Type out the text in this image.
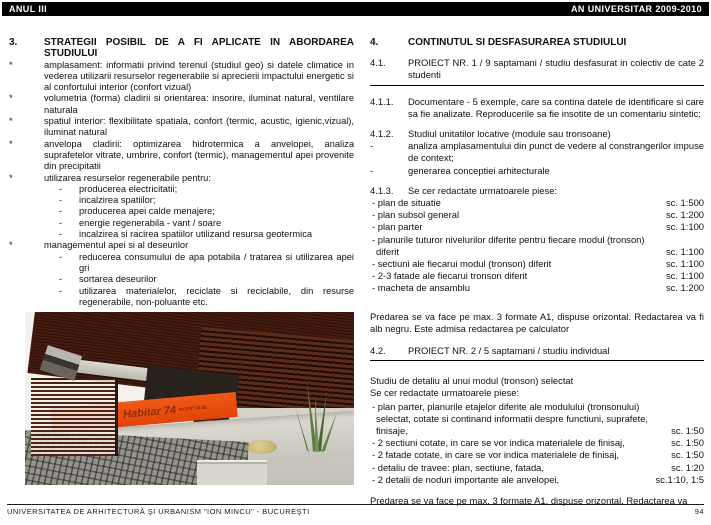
ANUL III	AN UNIVERSITAR 2009-2010
3.	STRATEGII POSIBIL DE A FI APLICATE IN ABORDAREA STUDIULUI
*	amplasament: informatii privind terenul (studiul geo) si datele climatice in vederea utilizarii resurselor regenerabile si aprecierii impactului energetic si al confortului interior (confort vizual)
*	volumetria (forma) cladirii si orientarea: insorire, iluminat natural, ventilare naturala
*	spatiul interior: flexibilitate spatiala, confort (termic, acustic, igienic,vizual), iluminat natural
*	anvelopa cladirii: optimizarea hidrotermica a anvelopei, analiza suprafetelor vitrate, umbrire, confort (termic), managementul apei provenite din precipitatii
*	utilizarea resurselor regenerabile pentru:
-	producerea electricitatii;
-	incalzirea spatiilor;
-	producerea apei calde menajere;
-	energie regenerabila - vant / soare
-	incalzirea si racirea spatiilor utilizand resursa geotermica
*	managementul apei si al deseurilor
-	reducerea consumului de apa potabila / tratarea si utilizarea apei gri
-	sortarea deseurilor
-	utilizarea materialelor, reciclate si reciclabile, din resurse regenerabile, non-poluante etc.
4.	CONTINUTUL SI DESFASURAREA STUDIULUI
4.1.	PROIECT NR. 1 / 9 saptamani / studiu desfasurat in colectiv de cate 2 studenti
4.1.1.	Documentare - 5 exemple, care sa contina datele de identificare si care sa fie analizate. Reproducerile sa fie insotite de un comentariu sintetic;
4.1.2.	Studiul unitatilor locative (module sau tronsoane)
-	analiza amplasamentului din punct de vedere al constrangerilor impuse de context;
-	generarea conceptiei arhitecturale
4.1.3.	Se cer redactate urmatoarele piese:
- plan de situatie	sc. 1:500
- plan subsol general	sc. 1:200
- plan parter	sc. 1:100
- planurile tuturor nivelurilor diferite pentru fiecare modul (tronson) diferit	sc. 1:100
- sectiuni ale fiecarui modul (tronson) diferit	sc. 1:100
- 2-3 fatade ale fiecarui tronson diferit	sc. 1:100
- macheta de ansamblu	sc. 1:200
Predarea se va face pe max. 3 formate A1, dispuse orizontal. Redactarea va fi alb negru. Este admisa redactarea pe calculator
4.2.	PROIECT NR. 2 / 5 saptamani / studiu individual
Studiu de detaliu al unui modul (tronson) selectat
Se cer redactate urmatoarele piese:
- plan parter, planurile etajelor diferite ale modulului (tronsonului) selectat, cotate si continand informatii despre functiuni, suprafete, finisaje,	sc. 1:50
- 2 sectiuni cotate, in care se vor indica materialele de finisaj,	sc. 1:50
- 2 fatade cotate, in care se vor indica materialele de finisaj,	sc. 1:50
- detaliu de travee: plan, sectiune, fatada,	sc. 1:20
- 2 detalii de noduri importante ale anvelopei,	sc.1:10, 1:5
Predarea se va face pe max. 3 formate A1, dispuse orizontal. Redactarea va
Habitar 74 Kr 3 N° 74-35
UNIVERSITATEA DE ARHITECTURĂ ŞI URBANISM "ION MINCU" - BUCUREŞTI	94
